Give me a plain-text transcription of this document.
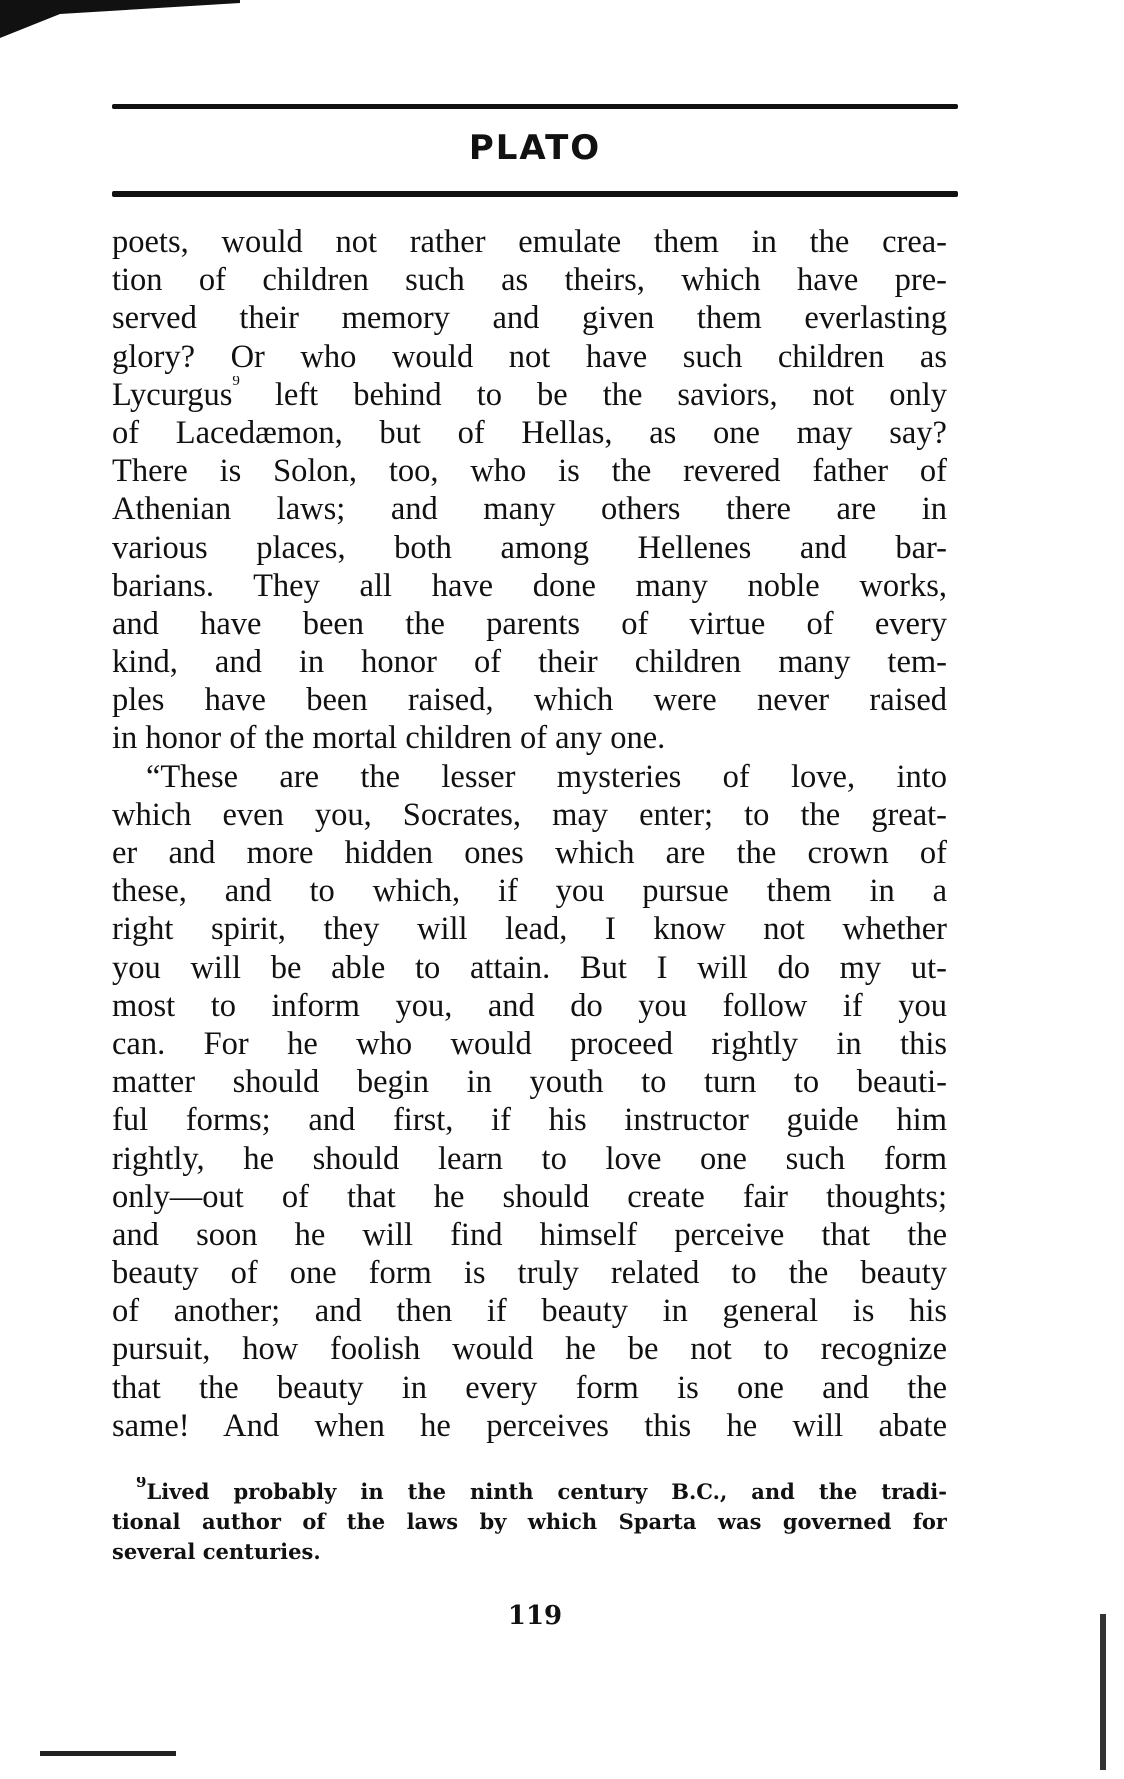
PLATO
poets, would not rather emulate them in the crea-
tion of children such as theirs, which have pre-
served their memory and given them everlasting
glory? Or who would not have such children as
Lycurgus$^9$ left behind to be the saviors, not only
of Lacedæmon, but of Hellas, as one may say?
There is Solon, too, who is the revered father of
Athenian laws; and many others there are in
various places, both among Hellenes and bar-
barians. They all have done many noble works,
and have been the parents of virtue of every
kind, and in honor of their children many tem-
ples have been raised, which were never raised
in honor of the mortal children of any one.
“These are the lesser mysteries of love, into
which even you, Socrates, may enter; to the great-
er and more hidden ones which are the crown of
these, and to which, if you pursue them in a
right spirit, they will lead, I know not whether
you will be able to attain. But I will do my ut-
most to inform you, and do you follow if you
can. For he who would proceed rightly in this
matter should begin in youth to turn to beauti-
ful forms; and first, if his instructor guide him
rightly, he should learn to love one such form
only—out of that he should create fair thoughts;
and soon he will find himself perceive that the
beauty of one form is truly related to the beauty
of another; and then if beauty in general is his
pursuit, how foolish would he be not to recognize
that the beauty in every form is one and the
same! And when he perceives this he will abate
$^9$Lived probably in the ninth century B.C., and the tradi-
tional author of the laws by which Sparta was governed for
several centuries.
119
